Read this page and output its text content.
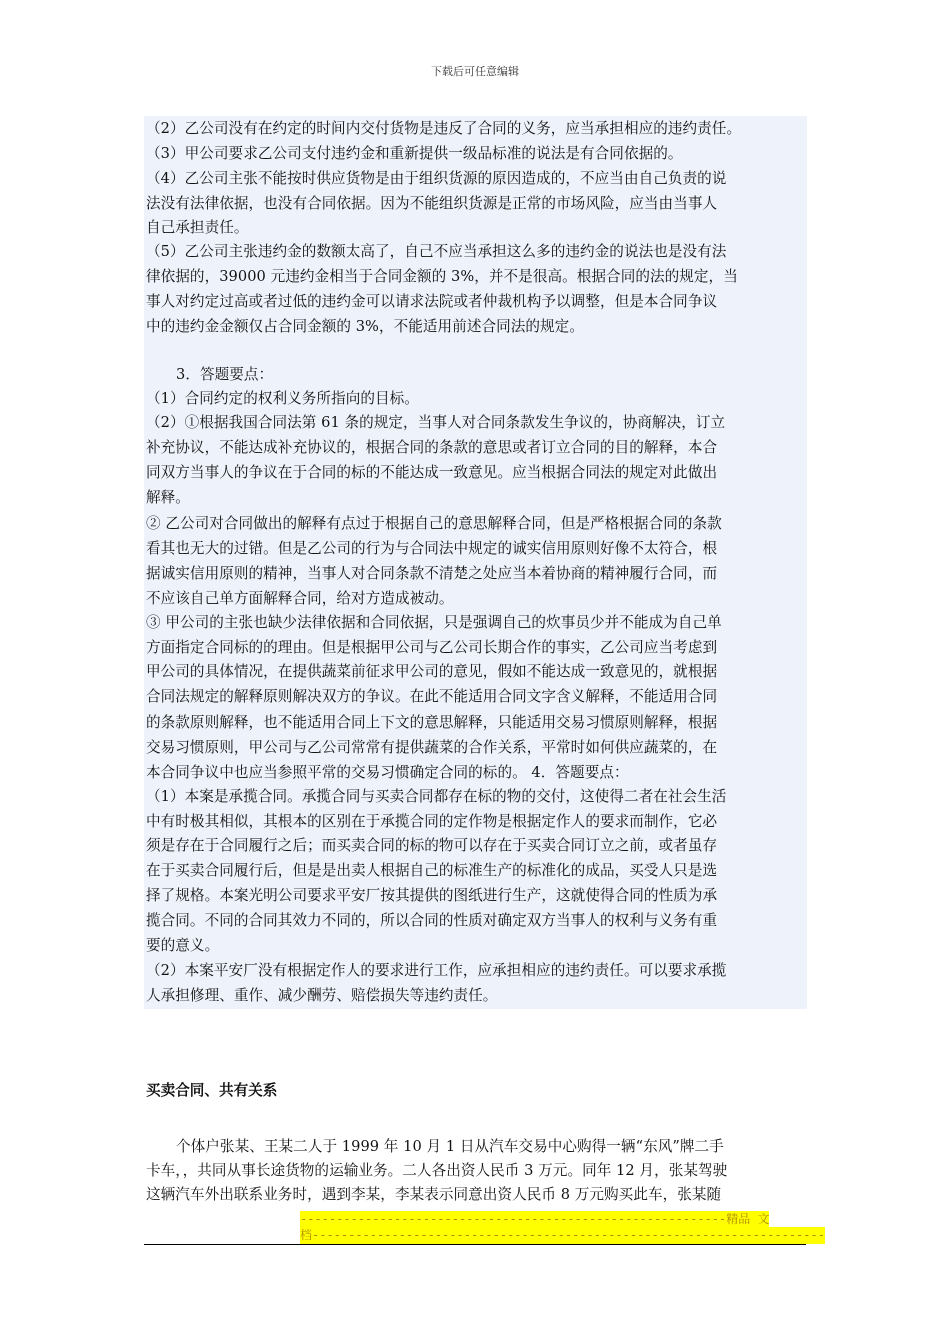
下载后可任意编辑
（2）乙公司没有在约定的时间内交付货物是违反了合同的义务，应当承担相应的违约责任。
（3）甲公司要求乙公司支付违约金和重新提供一级品标准的说法是有合同依据的。
（4）乙公司主张不能按时供应货物是由于组织货源的原因造成的，不应当由自己负责的说
法没有法律依据，也没有合同依据。因为不能组织货源是正常的市场风险，应当由当事人
自己承担责任。
（5）乙公司主张违约金的数额太高了，自己不应当承担这么多的违约金的说法也是没有法
律依据的，39000 元违约金相当于合同金额的 3%，并不是很高。根据合同的法的规定，当
事人对约定过高或者过低的违约金可以请求法院或者仲裁机构予以调整，但是本合同争议
中的违约金金额仅占合同金额的 3%，不能适用前述合同法的规定。
3．答题要点：
（1）合同约定的权利义务所指向的目标。
（2）①根据我国合同法第 61 条的规定，当事人对合同条款发生争议的，协商解决，订立
补充协议，不能达成补充协议的，根据合同的条款的意思或者订立合同的目的解释，本合
同双方当事人的争议在于合同的标的不能达成一致意见。应当根据合同法的规定对此做出
解释。
② 乙公司对合同做出的解释有点过于根据自己的意思解释合同，但是严格根据合同的条款
看其也无大的过错。但是乙公司的行为与合同法中规定的诚实信用原则好像不太符合，根
据诚实信用原则的精神，当事人对合同条款不清楚之处应当本着协商的精神履行合同，而
不应该自己单方面解释合同，给对方造成被动。
③ 甲公司的主张也缺少法律依据和合同依据，只是强调自己的炊事员少并不能成为自己单
方面指定合同标的的理由。但是根据甲公司与乙公司长期合作的事实，乙公司应当考虑到
甲公司的具体情况，在提供蔬菜前征求甲公司的意见，假如不能达成一致意见的，就根据
合同法规定的解释原则解决双方的争议。在此不能适用合同文字含义解释，不能适用合同
的条款原则解释，也不能适用合同上下文的意思解释，只能适用交易习惯原则解释，根据
交易习惯原则，甲公司与乙公司常常有提供蔬菜的合作关系，平常时如何供应蔬菜的，在
本合同争议中也应当参照平常的交易习惯确定合同的标的。 4．答题要点：
（1）本案是承揽合同。承揽合同与买卖合同都存在标的物的交付，这使得二者在社会生活
中有时极其相似，其根本的区别在于承揽合同的定作物是根据定作人的要求而制作，它必
须是存在于合同履行之后；而买卖合同的标的物可以存在于买卖合同订立之前，或者虽存
在于买卖合同履行后，但是是出卖人根据自己的标准生产的标准化的成品，买受人只是选
择了规格。本案光明公司要求平安厂按其提供的图纸进行生产，这就使得合同的性质为承
揽合同。不同的合同其效力不同的，所以合同的性质对确定双方当事人的权利与义务有重
要的意义。
（2）本案平安厂没有根据定作人的要求进行工作，应承担相应的违约责任。可以要求承揽
人承担修理、重作、减少酬劳、赔偿损失等违约责任。
买卖合同、共有关系
个体户张某、王某二人于 1999 年 10 月 1 日从汽车交易中心购得一辆“东风”牌二手
卡车，，共同从事长途货物的运输业务。二人各出资人民币 3 万元。同年 12 月，张某驾驶
这辆汽车外出联系业务时，遇到李某，李某表示同意出资人民币 8 万元购买此车，张某随
-----------------------------------------------------------精品 文
档-----------------------------------------------------------------------
